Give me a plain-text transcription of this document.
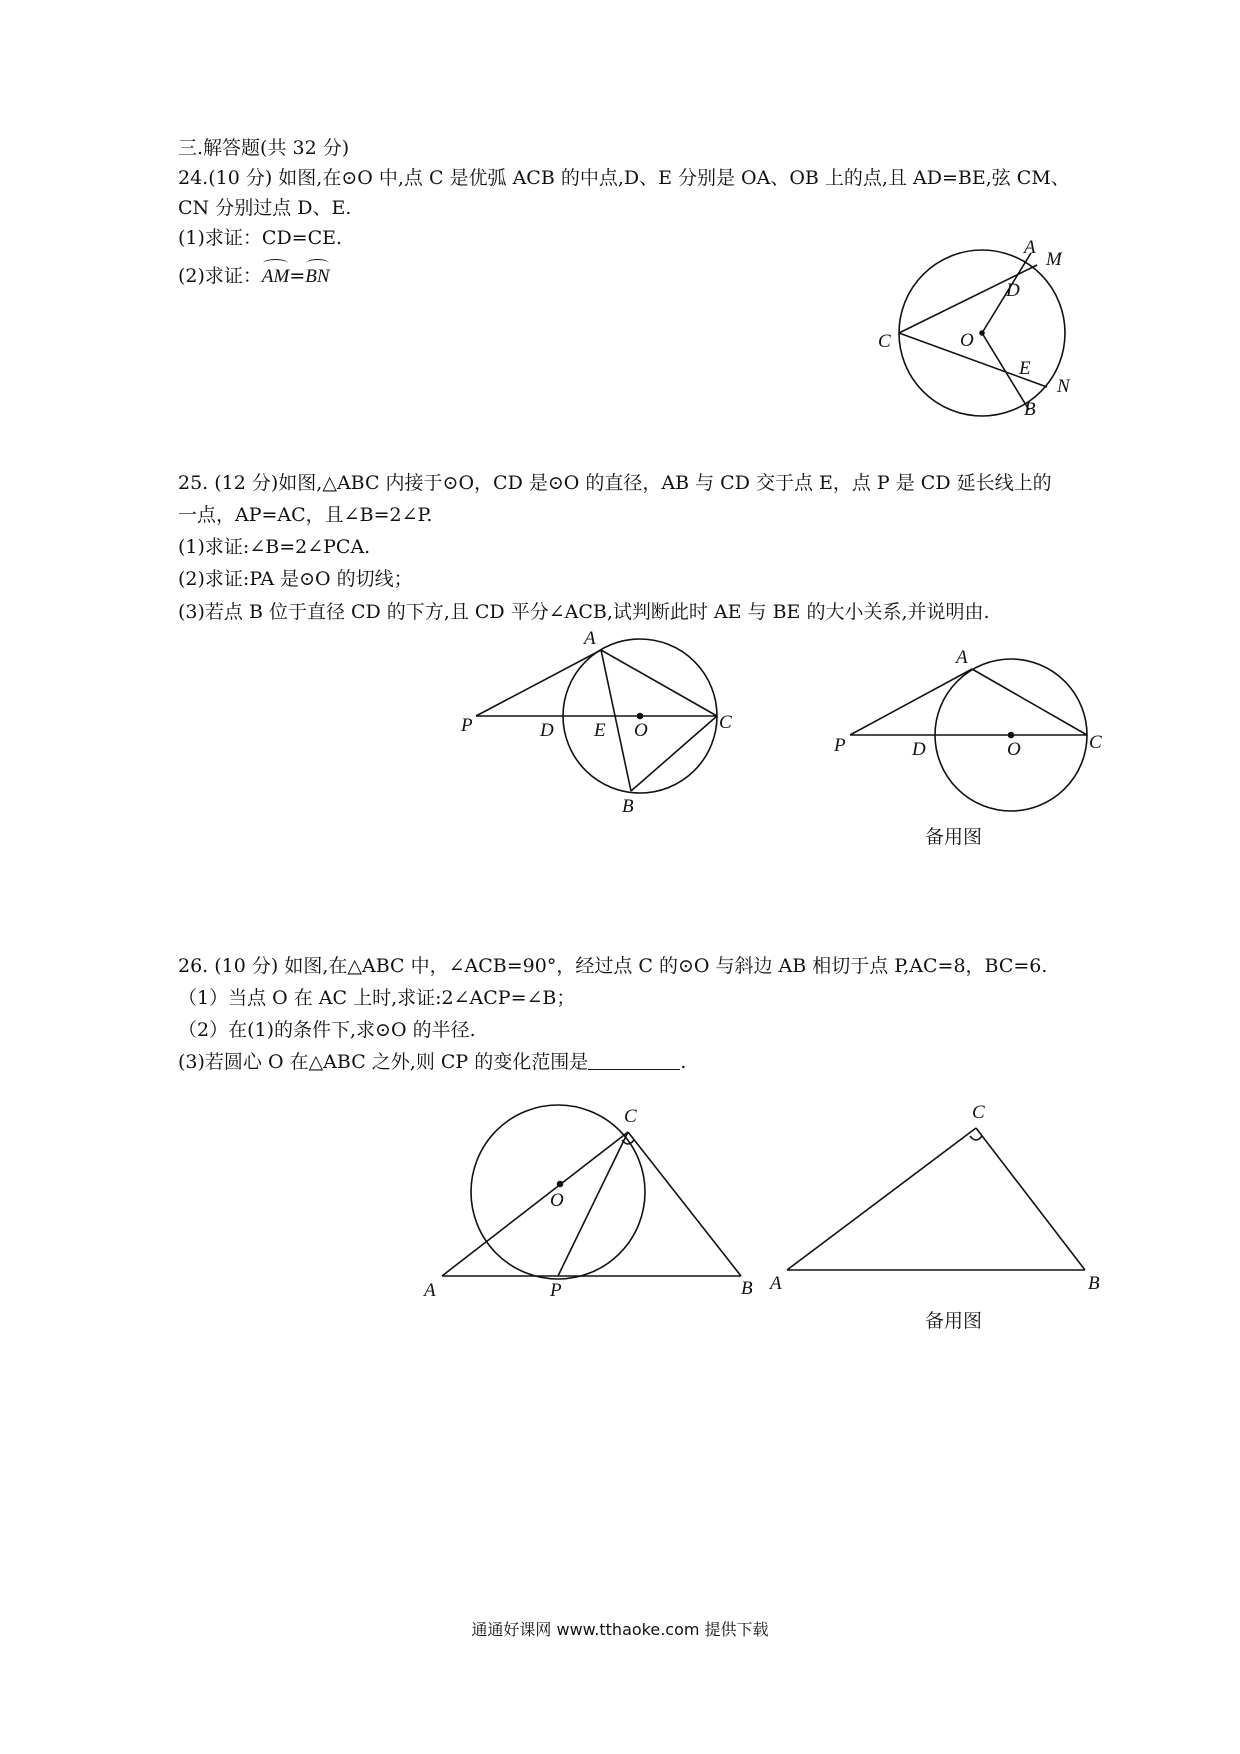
三.解答题(共 32 分)
24.(10 分) 如图,在⊙O 中,点 C 是优弧 ACB 的中点,D、E 分别是 OA、OB 上的点,且 AD=BE,弦 CM、
CN 分别过点 D、E.
(1)求证：CD=CE.
(2)求证：AM=BN
A
M
D
C	O
E
N
B
25. (12 分)如图,△ABC 内接于⊙O，CD 是⊙O 的直径，AB 与 CD 交于点 E，点 P 是 CD 延长线上的
一点，AP=AC，且∠B=2∠P.
(1)求证:∠B=2∠PCA.
(2)求证:PA 是⊙O 的切线；
(3)若点 B 位于直径 CD 的下方,且 CD 平分∠ACB,试判断此时 AE 与 BE 的大小关系,并说明由.
A
P	D E O	C
B
A
P	D	O	C
备用图
26. (10 分) 如图,在△ABC 中，∠ACB=90°，经过点 C 的⊙O 与斜边 AB 相切于点 P,AC=8，BC=6.
（1）当点 O 在 AC 上时,求证:2∠ACP=∠B；
（2）在(1)的条件下,求⊙O 的半径.
(3)若圆心 O 在△ABC 之外,则 CP 的变化范围是	.
C
O
A	P	B
C
A	B
备用图
通通好课网 www.tthaoke.com 提供下载
